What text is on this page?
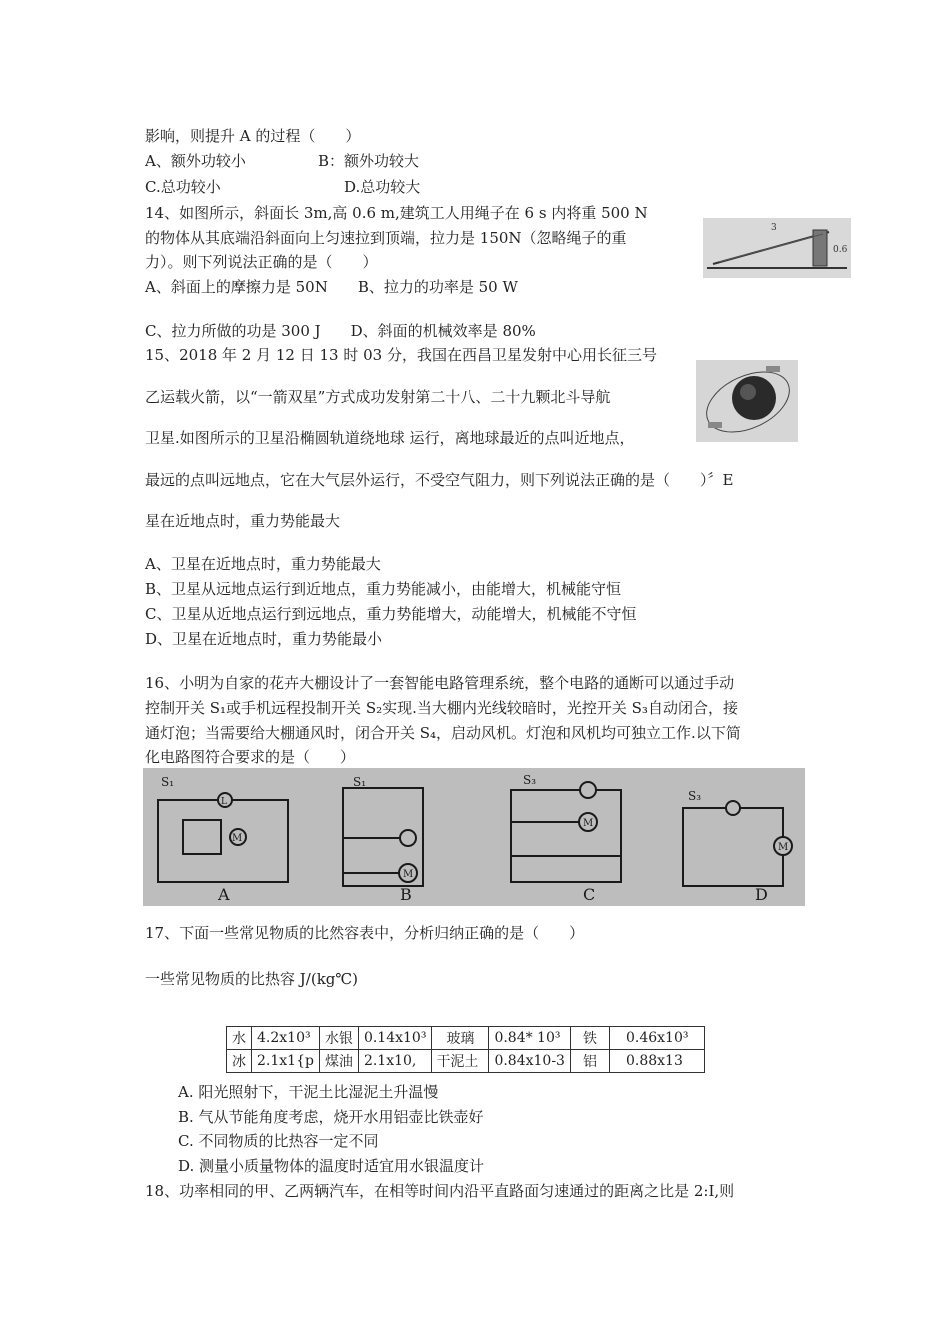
影响，则提升 A 的过程（　　）
A、额外功较小	B：额外功较大
C.总功较小	D.总功较大
14、如图所示，斜面长 3m,高 0.6 m,建筑工人用绳子在 6 s 内将重 500 N
的物体从其底端沿斜面向上匀速拉到顶端，拉力是 150N（忽略绳子的重
力）。则下列说法正确的是（　　）
A、斜面上的摩擦力是 50N　　B、拉力的功率是 50 W
C、拉力所做的功是 300 J　　D、斜面的机械效率是 80%
3
0.6
15、2018 年 2 月 12 日 13 时 03 分，我国在西昌卫星发射中心用长征三号
乙运载火箭，以“一箭双星”方式成功发射第二十八、二十九颗北斗导航
卫星.如图所示的卫星沿椭圆轨道绕地球 运行，离地球最近的点叫近地点，
最远的点叫远地点，它在大气层外运行，不受空气阻力，则下列说法正确的是（　　）〞E
星在近地点时，重力势能最大
A、卫星在近地点时，重力势能最大
B、卫星从远地点运行到近地点，重力势能减小，由能增大，机械能守恒
C、卫星从近地点运行到远地点，重力势能增大，动能增大，机械能不守恒
D、卫星在近地点时，重力势能最小
16、小明为自家的花卉大棚设计了一套智能电路管理系统，整个电路的通断可以通过手动
控制开关 S₁或手机远程投制开关 S₂实现.当大棚内光线较暗时，光控开关 S₃自动闭合，接
通灯泡；当需要给大棚通风时，闭合开关 S₄，启动风机。灯泡和风机均可独立工作.以下简
化电路图符合要求的是（　　）
L
M
M
M
M
S₁	S₁	S₃
S₃
A	B	C	D
17、下面一些常见物质的比然容表中，分析归纳正确的是（　　）
一些常见物质的比热容 J/(kg℃)
水	4.2x10³	水银	0.14x10³	玻璃	0.84* 10³	铁	0.46x10³
冰	2.1x1{p	煤油	2.1x10,	干泥土	0.84x10-3	铝	0.88x13
A. 阳光照射下，干泥土比湿泥土升温慢
B. 气从节能角度考虑，烧开水用铝壶比铁壶好
C. 不同物质的比热容一定不同
D. 测量小质量物体的温度时适宜用水银温度计
18、功率相同的甲、乙两辆汽车，在相等时间内沿平直路面匀速通过的距离之比是 2:I,则
